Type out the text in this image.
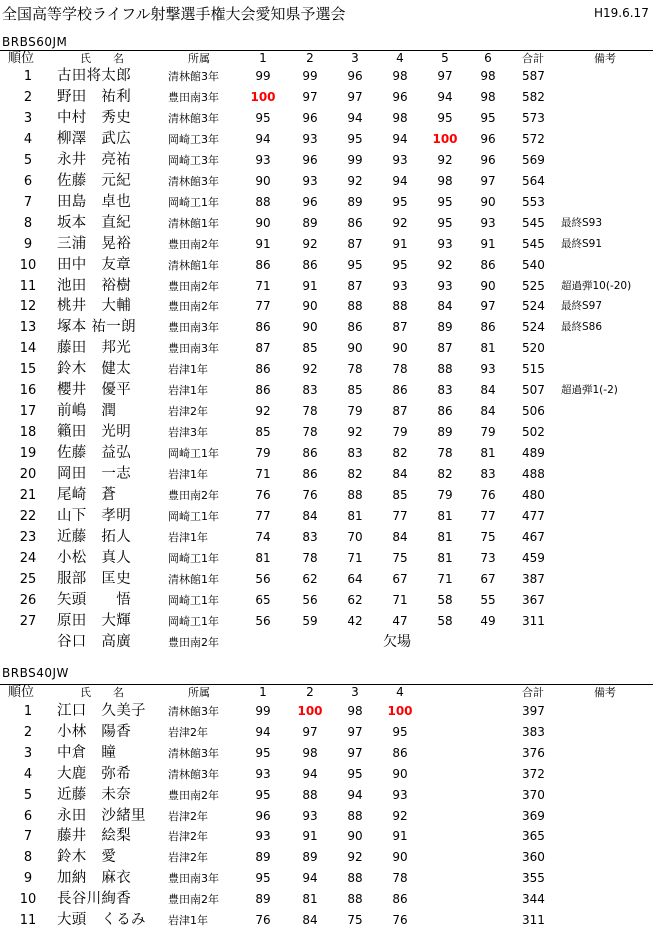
全国高等学校ライフル射撃選手権大会愛知県予選会	H19.6.17
BRBS60JM
順位	氏　　名	所属	1	2	3	4	5	6	合計	備考
1	古田将太郎	清林館3年	99	99	96	98	97	98	587
2	野田　祐利	豊田南3年	100	97	97	96	94	98	582
3	中村　秀史	清林館3年	95	96	94	98	95	95	573
4	柳澤　武広	岡崎工3年	94	93	95	94	100	96	572
5	永井　亮祐	岡崎工3年	93	96	99	93	92	96	569
6	佐藤　元紀	清林館3年	90	93	92	94	98	97	564
7	田島　卓也	岡崎工1年	88	96	89	95	95	90	553
8	坂本　直紀	清林館1年	90	89	86	92	95	93	545 最終S93
9	三浦　晃裕	豊田南2年	91	92	87	91	93	91	545 最終S91
10	田中　友章	清林館1年	86	86	95	95	92	86	540
11	池田　裕樹	豊田南2年	71	91	87	93	93	90	525 超過弾10(-20)
12	桃井　大輔	豊田南2年	77	90	88	88	84	97	524 最終S97
13	塚本 祐一朗	豊田南3年	86	90	86	87	89	86	524 最終S86
14	藤田　邦光	豊田南3年	87	85	90	90	87	81	520
15	鈴木　健太	岩津1年	86	92	78	78	88	93	515
16	櫻井　優平	岩津1年	86	83	85	86	83	84	507 超過弾1(-2)
17	前嶋　潤	岩津2年	92	78	79	87	86	84	506
18	籟田　光明	岩津3年	85	78	92	79	89	79	502
19	佐藤　益弘	岡崎工1年	79	86	83	82	78	81	489
20	岡田　一志	岩津1年	71	86	82	84	82	83	488
21	尾崎　蒼	豊田南2年	76	76	88	85	79	76	480
22	山下　孝明	岡崎工1年	77	84	81	77	81	77	477
23	近藤　拓人	岩津1年	74	83	70	84	81	75	467
24	小松　真人	岡崎工1年	81	78	71	75	81	73	459
25	服部　匡史	清林館1年	56	62	64	67	71	67	387
26	矢頭　　悟	岡崎工1年	65	56	62	71	58	55	367
27	原田　大輝	岡崎工1年	56	59	42	47	58	49	311
谷口　高廣	豊田南2年	欠場
BRBS40JW
順位	氏　　名	所属	1	2	3	4	合計	備考
1	江口　久美子	清林館3年	99	100	98	100	397
2	小林　陽香	岩津2年	94	97	97	95	383
3	中倉　瞳	清林館3年	95	98	97	86	376
4	大鹿　弥希	清林館3年	93	94	95	90	372
5	近藤　未奈	豊田南2年	95	88	94	93	370
6	永田　沙緒里	岩津2年	96	93	88	92	369
7	藤井　絵梨	岩津2年	93	91	90	91	365
8	鈴木　愛	岩津2年	89	89	92	90	360
9	加納　麻衣	豊田南3年	95	94	88	78	355
10	長谷川絢香	豊田南2年	89	81	88	86	344
11	大頭　くるみ	岩津1年	76	84	75	76	311
